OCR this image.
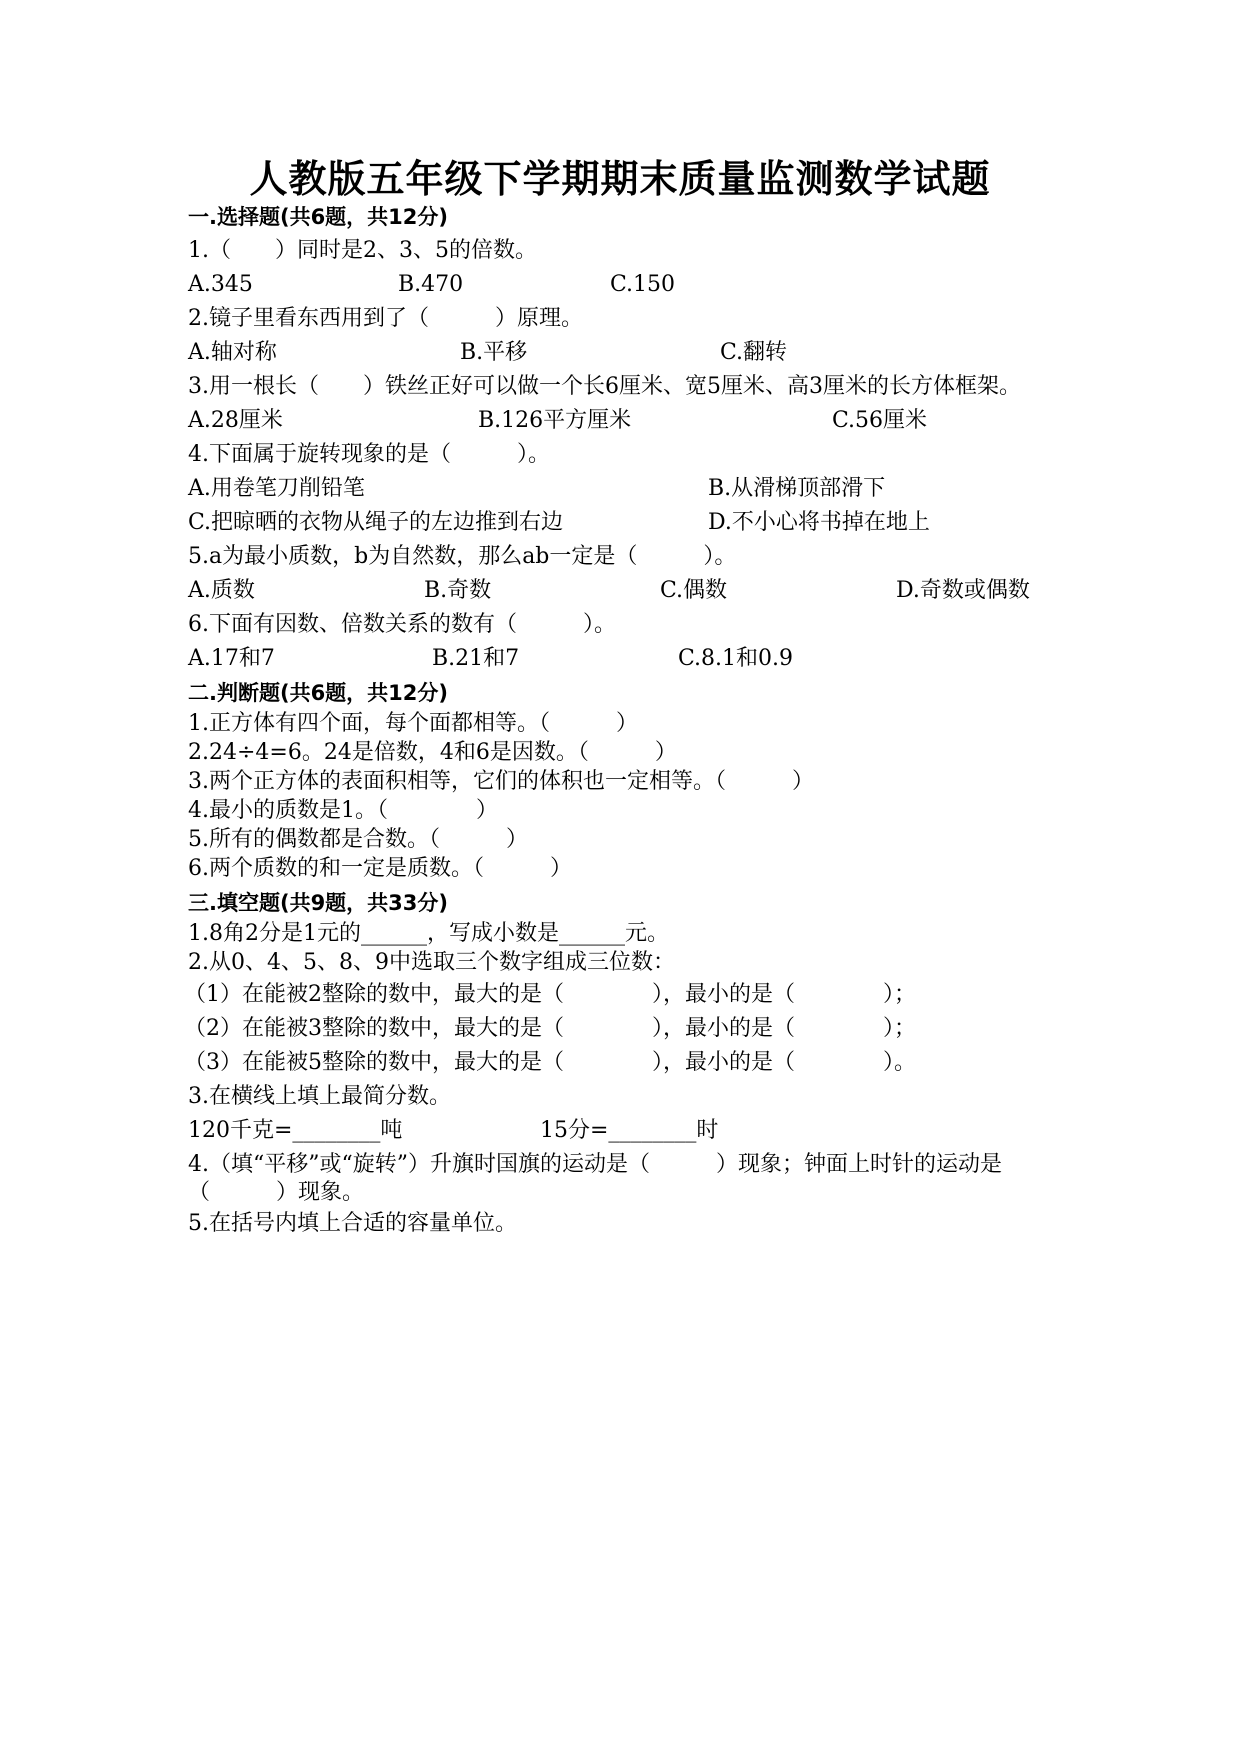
人教版五年级下学期期末质量监测数学试题
一.选择题(共6题，共12分)
1.（　　）同时是2、3、5的倍数。
A.345	B.470	C.150
2.镜子里看东西用到了（　　　）原理。
A.轴对称	B.平移	C.翻转
3.用一根长（　　）铁丝正好可以做一个长6厘米、宽5厘米、高3厘米的长方体框架。
A.28厘米	B.126平方厘米	C.56厘米
4.下面属于旋转现象的是（　　　）。
A.用卷笔刀削铅笔	B.从滑梯顶部滑下
C.把晾晒的衣物从绳子的左边推到右边	D.不小心将书掉在地上
5.a为最小质数，b为自然数，那么ab一定是（　　　）。
A.质数	B.奇数	C.偶数	D.奇数或偶数
6.下面有因数、倍数关系的数有（　　　）。
A.17和7	B.21和7	C.8.1和0.9
二.判断题(共6题，共12分)
1.正方体有四个面，每个面都相等。（　　　）
2.24÷4=6。24是倍数，4和6是因数。（　　　）
3.两个正方体的表面积相等，它们的体积也一定相等。（　　　）
4.最小的质数是1。（　　　　）
5.所有的偶数都是合数。（　　　）
6.两个质数的和一定是质数。（　　　）
三.填空题(共9题，共33分)
1.8角2分是1元的______，写成小数是______元。
2.从0、4、5、8、9中选取三个数字组成三位数：
（1）在能被2整除的数中，最大的是（　　　　），最小的是（　　　　）；
（2）在能被3整除的数中，最大的是（　　　　），最小的是（　　　　）；
（3）在能被5整除的数中，最大的是（　　　　），最小的是（　　　　）。
3.在横线上填上最简分数。
120千克=________吨	15分=________时
4.（填“平移”或“旋转”）升旗时国旗的运动是（　　　）现象；钟面上时针的运动是（　　　）现象。
5.在括号内填上合适的容量单位。
